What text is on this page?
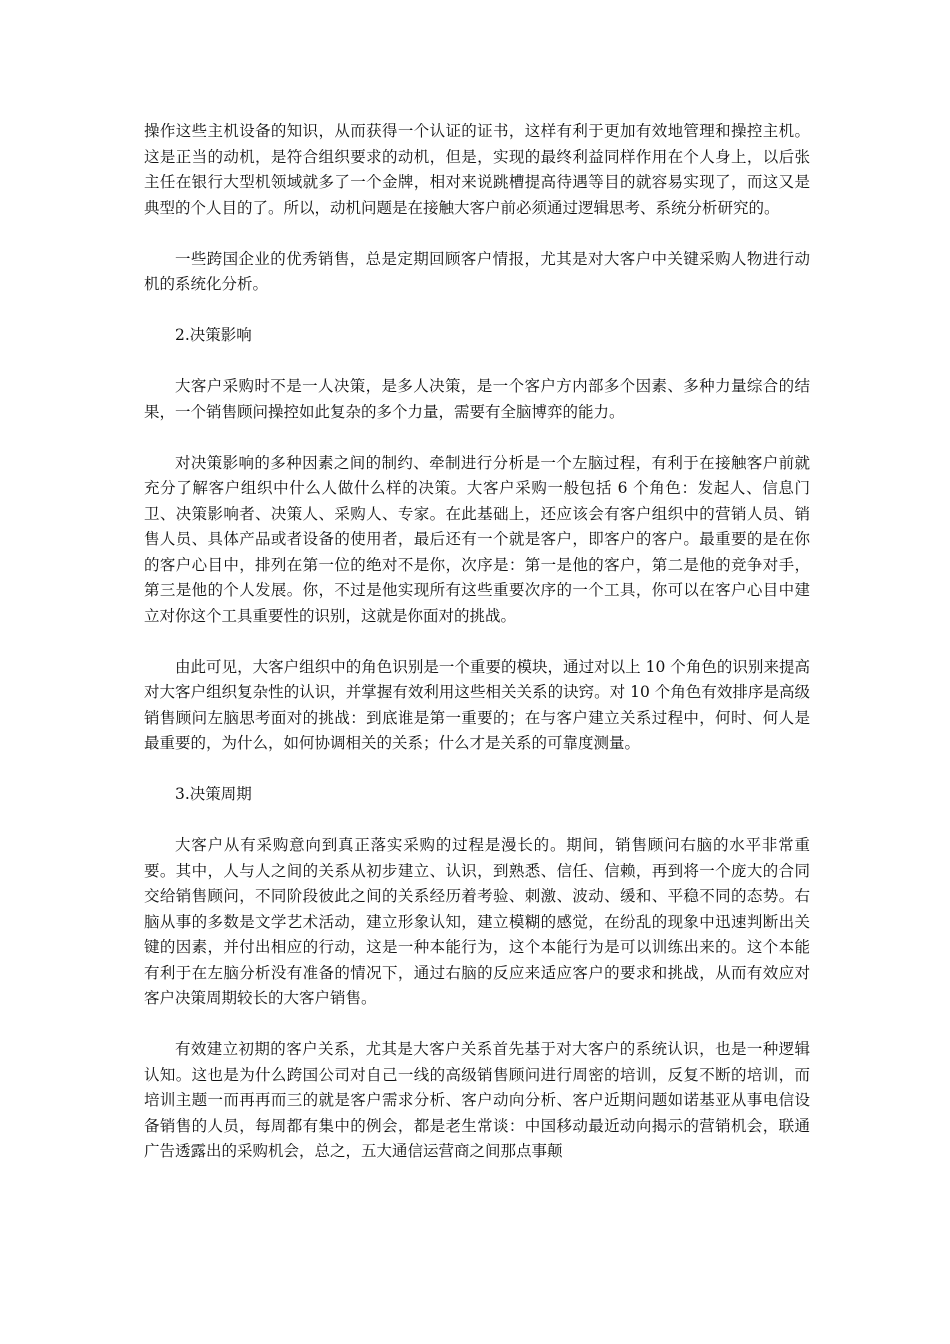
操作这些主机设备的知识，从而获得一个认证的证书，这样有利于更加有效地管理和操控主机。这是正当的动机，是符合组织要求的动机，但是，实现的最终利益同样作用在个人身上，以后张主任在银行大型机领域就多了一个金牌，相对来说跳槽提高待遇等目的就容易实现了，而这又是典型的个人目的了。所以，动机问题是在接触大客户前必须通过逻辑思考、系统分析研究的。

一些跨国企业的优秀销售，总是定期回顾客户情报，尤其是对大客户中关键采购人物进行动机的系统化分析。

2.决策影响

大客户采购时不是一人决策，是多人决策，是一个客户方内部多个因素、多种力量综合的结果，一个销售顾问操控如此复杂的多个力量，需要有全脑博弈的能力。

对决策影响的多种因素之间的制约、牵制进行分析是一个左脑过程，有利于在接触客户前就充分了解客户组织中什么人做什么样的决策。大客户采购一般包括 6 个角色：发起人、信息门卫、决策影响者、决策人、采购人、专家。在此基础上，还应该会有客户组织中的营销人员、销售人员、具体产品或者设备的使用者，最后还有一个就是客户，即客户的客户。最重要的是在你的客户心目中，排列在第一位的绝对不是你，次序是：第一是他的客户，第二是他的竞争对手，第三是他的个人发展。你，不过是他实现所有这些重要次序的一个工具，你可以在客户心目中建立对你这个工具重要性的识别，这就是你面对的挑战。

由此可见，大客户组织中的角色识别是一个重要的模块，通过对以上 10 个角色的识别来提高对大客户组织复杂性的认识，并掌握有效利用这些相关关系的诀窍。对 10 个角色有效排序是高级销售顾问左脑思考面对的挑战：到底谁是第一重要的；在与客户建立关系过程中，何时、何人是最重要的，为什么，如何协调相关的关系；什么才是关系的可靠度测量。

3.决策周期

大客户从有采购意向到真正落实采购的过程是漫长的。期间，销售顾问右脑的水平非常重要。其中，人与人之间的关系从初步建立、认识，到熟悉、信任、信赖，再到将一个庞大的合同交给销售顾问，不同阶段彼此之间的关系经历着考验、刺激、波动、缓和、平稳不同的态势。右脑从事的多数是文学艺术活动，建立形象认知，建立模糊的感觉，在纷乱的现象中迅速判断出关键的因素，并付出相应的行动，这是一种本能行为，这个本能行为是可以训练出来的。这个本能有利于在左脑分析没有准备的情况下，通过右脑的反应来适应客户的要求和挑战，从而有效应对客户决策周期较长的大客户销售。

有效建立初期的客户关系，尤其是大客户关系首先基于对大客户的系统认识，也是一种逻辑认知。这也是为什么跨国公司对自己一线的高级销售顾问进行周密的培训，反复不断的培训，而培训主题一而再再而三的就是客户需求分析、客户动向分析、客户近期问题如诺基亚从事电信设备销售的人员，每周都有集中的例会，都是老生常谈：中国移动最近动向揭示的营销机会，联通广告透露出的采购机会，总之，五大通信运营商之间那点事颠
